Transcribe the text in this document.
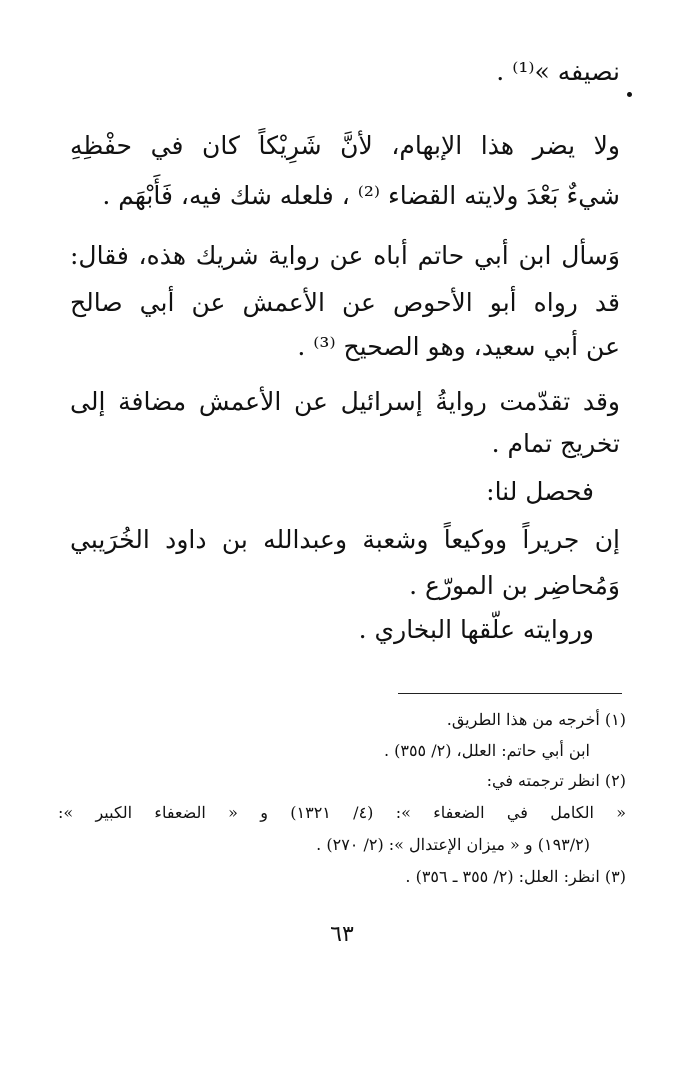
نصيفه »⁽¹⁾ .
ولا يضر هذا الإبهام، لأنَّ شَرِيْكاً كان في حفْظِهِ
شيءٌ بَعْدَ ولايته القضاء ⁽²⁾ ، فلعله شك فيه، فَأَبْهَم .
وَسأل ابن أبي حاتم أباه عن رواية شريك هذه، فقال:
قد رواه أبو الأحوص عن الأعمش عن أبي صالح
عن أبي سعيد، وهو الصحيح ⁽³⁾ .
وقد تقدّمت روايةُ إسرائيل عن الأعمش مضافة إلى
تخريج تمام .
فحصل لنا:
إن جريراً ووكيعاً وشعبة وعبدالله بن داود الخُرَيبي
وَمُحاضِر بن المورّع .
وروايته علّقها البخاري .
(١) أخرجه من هذا الطريق.
ابن أبي حاتم: العلل، (٢/ ٣٥٥) .
(٢) انظر ترجمته في:
« الكامل في الضعفاء »: (٤/ ١٣٢١) و « الضعفاء الكبير »:
(١٩٣/٢) و « ميزان الإعتدال »: (٢/ ٢٧٠) .
(٣) انظر: العلل: (٢/ ٣٥٥ ـ ٣٥٦) .
٦٣
